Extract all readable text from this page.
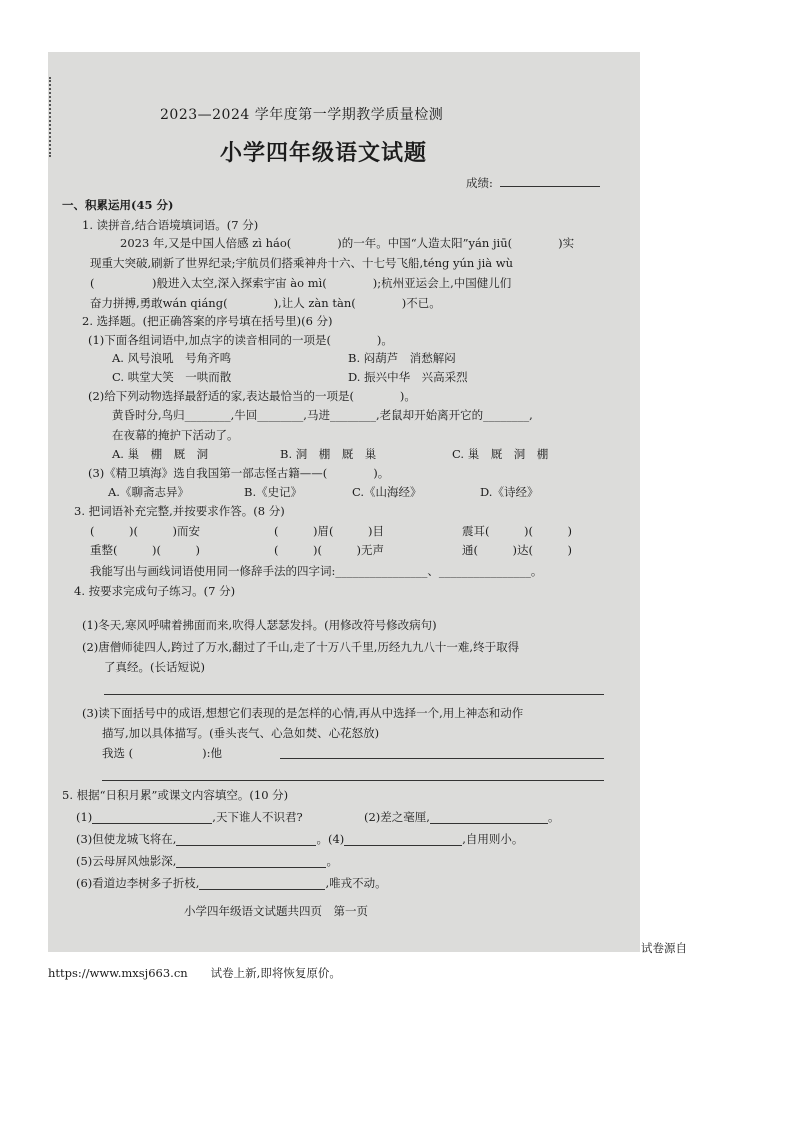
2023—2024 学年度第一学期教学质量检测
小学四年级语文试题
成绩:
一、积累运用(45 分)
1. 读拼音,结合语境填词语。(7 分)
2023 年,又是中国人倍感 zì háo(　　　　)的一年。中国“人造太阳”yán jiū(　　　　)实
现重大突破,刷新了世界纪录;宇航员们搭乘神舟十六、十七号飞船,téng yún jià wù
(　　　　　)般进入太空,深入探索宇宙 ào mì(　　　　);杭州亚运会上,中国健儿们
奋力拼搏,勇敢wán qiáng(　　　　),让人 zàn tàn(　　　　)不已。
2. 选择题。(把正确答案的序号填在括号里)(6 分)
(1)下面各组词语中,加点字的读音相同的一项是(　　　　)。
A. 风号浪吼　号角齐鸣	B. 闷葫芦　消愁解闷
C. 哄堂大笑　一哄而散	D. 振兴中华　兴高采烈
(2)给下列动物选择最舒适的家,表达最恰当的一项是(　　　　)。
黄昏时分,鸟归________,牛回________,马进________,老鼠却开始离开它的________,
在夜幕的掩护下活动了。
A. 巢　棚　厩　洞	B. 洞　棚　厩　巢	C. 巢　厩　洞　棚
(3)《精卫填海》选自我国第一部志怪古籍——(　　　　)。
A.《聊斋志异》	B.《史记》	C.《山海经》	D.《诗经》
3. 把词语补充完整,并按要求作答。(8 分)
(　　　)(　　　)而安	(　　　)眉(　　　)目	震耳(　　　)(　　　)
重整(　　　)(　　　)	(　　　)(　　　)无声	通(　　　)达(　　　)
我能写出与画线词语使用同一修辞手法的四字词:________________、________________。
4. 按要求完成句子练习。(7 分)
(1)冬天,寒风呼啸着拂面而来,吹得人瑟瑟发抖。(用修改符号修改病句)
(2)唐僧师徒四人,跨过了万水,翻过了千山,走了十万八千里,历经九九八十一难,终于取得
了真经。(长话短说)
(3)读下面括号中的成语,想想它们表现的是怎样的心情,再从中选择一个,用上神态和动作
描写,加以具体描写。(垂头丧气、心急如焚、心花怒放)
我选 (　　　　　　):他
5. 根据“日积月累”或课文内容填空。(10 分)
(1)	,天下谁人不识君?	(2)差之毫厘,	。
(3)但使龙城飞将在,	。(4)	,自用则小。
(5)云母屏风烛影深,	。
(6)看道边李树多子折枝,	,唯戎不动。
小学四年级语文试题共四页　第一页
试卷源自
https://www.mxsj663.cn　　试卷上新,即将恢复原价。
